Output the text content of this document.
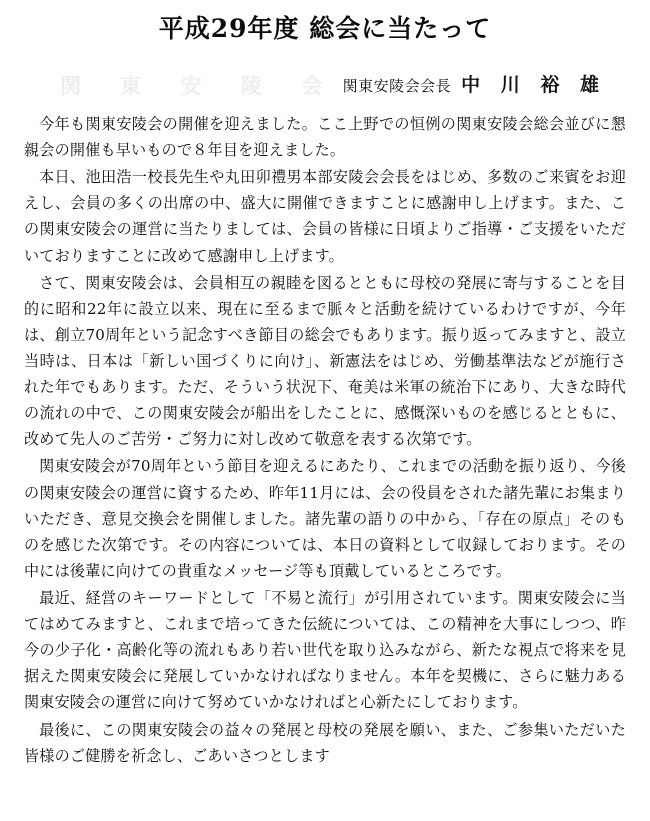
関 東 安 陵 会
平成29年度 総会に当たって
関東安陵会会長 中 川 裕 雄

今年も関東安陵会の開催を迎えました。ここ上野での恒例の関東安陵会総会並びに懇親会の開催も早いもので８年目を迎えました。

本日、池田浩一校長先生や丸田卯禮男本部安陵会会長をはじめ、多数のご来賓をお迎えし、会員の多くの出席の中、盛大に開催できますことに感謝申し上げます。また、この関東安陵会の運営に当たりましては、会員の皆様に日頃よりご指導・ご支援をいただいておりますことに改めて感謝申し上げます。

さて、関東安陵会は、会員相互の親睦を図るとともに母校の発展に寄与することを目的に昭和22年に設立以来、現在に至るまで脈々と活動を続けているわけですが、今年は、創立70周年という記念すべき節目の総会でもあります。振り返ってみますと、設立当時は、日本は「新しい国づくりに向け」、新憲法をはじめ、労働基準法などが施行された年でもあります。ただ、そういう状況下、奄美は米軍の統治下にあり、大きな時代の流れの中で、この関東安陵会が船出をしたことに、感慨深いものを感じるとともに、改めて先人のご苦労・ご努力に対し改めて敬意を表する次第です。

関東安陵会が70周年という節目を迎えるにあたり、これまでの活動を振り返り、今後の関東安陵会の運営に資するため、昨年11月には、会の役員をされた諸先輩にお集まりいただき、意見交換会を開催しました。諸先輩の語りの中から、「存在の原点」そのものを感じた次第です。その内容については、本日の資料として収録しております。その中には後輩に向けての貴重なメッセージ等も頂戴しているところです。

最近、経営のキーワードとして「不易と流行」が引用されています。関東安陵会に当てはめてみますと、これまで培ってきた伝統については、この精神を大事にしつつ、昨今の少子化・高齢化等の流れもあり若い世代を取り込みながら、新たな視点で将来を見据えた関東安陵会に発展していかなければなりません。本年を契機に、さらに魅力ある関東安陵会の運営に向けて努めていかなければと心新たにしております。

最後に、この関東安陵会の益々の発展と母校の発展を願い、また、ご参集いただいた皆様のご健勝を祈念し、ごあいさつとします
